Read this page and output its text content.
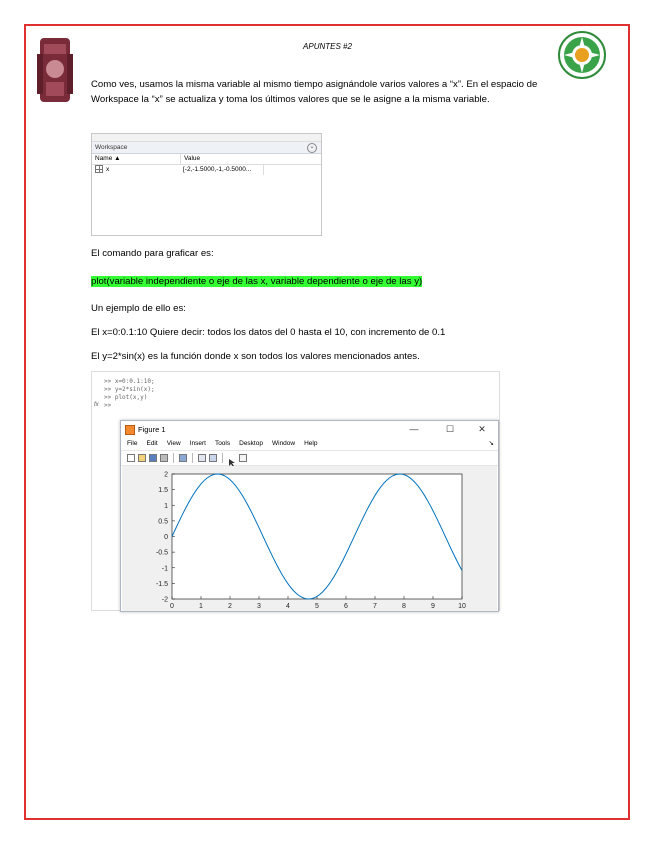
APUNTES #2
Como ves, usamos la misma variable al mismo tiempo asignándole varios valores a “x”. En el espacio de Workspace la “x” se actualiza y toma los últimos valores que se le asigne a la misma variable.
Workspace	⌄
Name ▲	Value
x	[-2,-1.5000,-1,-0.5000...
El comando para graficar es:
plot(variable independiente o eje de las x, variable dependiente o eje de las y)
Un ejemplo de ello es:
El x=0:0.1:10 Quiere decir: todos los datos del 0 hasta el 10, con incremento de 0.1
El y=2*sin(x) es la función donde x son todos los valores mencionados antes.
>> x=0:0.1:10;
>> y=2*sin(x);
>> plot(x,y)
>>
fx
Figure 1	—	☐	✕
File Edit View Insert Tools Desktop Window Help	↘
0	1	2	3	4	5	6	7	8	9	10
-2
-1.5
-1
-0.5
0
0.5
1
1.5
2
